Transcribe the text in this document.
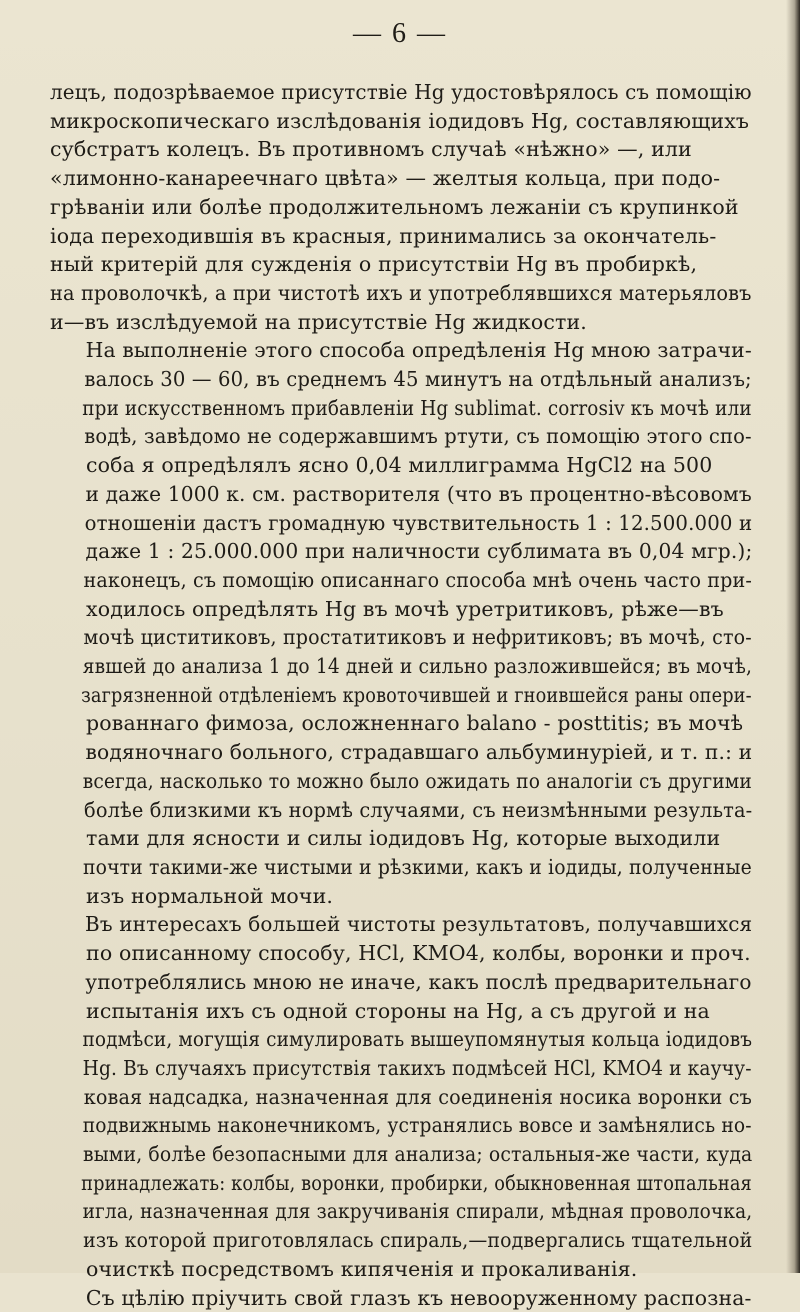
— 6 —

лецъ, подозрѣваемое присутствіе Hg удостовѣрялось съ помощію
микроскопическаго изслѣдованія іодидовъ Hg, составляющихъ
субстратъ колецъ. Въ противномъ случаѣ «нѣжно» —, или
«лимонно-канареечнаго цвѣта» — желтыя кольца, при подо-
грѣваніи или болѣе продолжительномъ лежаніи съ крупинкой
іода переходившія въ красныя, принимались за окончатель-
ный критерій для сужденія о присутствіи Hg въ пробиркѣ,
на проволочкѣ, а при чистотѣ ихъ и употреблявшихся матерьяловъ
и—въ изслѣдуемой на присутствіе Hg жидкости.

На выполненіе этого способа опредѣленія Hg мною затрачи-
валось 30 — 60, въ среднемъ 45 минутъ на отдѣльный анализъ;
при искусственномъ прибавленіи Hg sublimat. corrosiv къ мочѣ или
водѣ, завѣдомо не содержавшимъ ртути, съ помощію этого спо-
соба я опредѣлялъ ясно 0,04 миллиграмма HgCl2 на 500
и даже 1000 к. см. растворителя (что въ процентно-вѣсовомъ
отношеніи дастъ громадную чувствительность 1 : 12.500.000 и
даже 1 : 25.000.000 при наличности сублимата въ 0,04 мгр.);
наконецъ, съ помощію описаннаго способа мнѣ очень часто при-
ходилось опредѣлять Hg въ мочѣ уретритиковъ, рѣже—въ
мочѣ циститиковъ, простатитиковъ и нефритиковъ; въ мочѣ, сто-
явшей до анализа 1 до 14 дней и сильно разложившейся; въ мочѣ,
загрязненной отдѣленіемъ кровоточившей и гноившейся раны опери-
рованнаго фимоза, осложненнаго balano - posttitis; въ мочѣ
водяночнаго больного, страдавшаго альбуминуріей, и т. п.: и
всегда, насколько то можно было ожидать по аналогіи съ другими
болѣе близкими къ нормѣ случаями, съ неизмѣнными результа-
тами для ясности и силы іодидовъ Hg, которые выходили
почти такими-же чистыми и рѣзкими, какъ и іодиды, полученные
изъ нормальной мочи.

Въ интересахъ большей чистоты результатовъ, получавшихся
по описанному способу, HCl, KMO4, колбы, воронки и проч.
употреблялись мною не иначе, какъ послѣ предварительнаго
испытанія ихъ съ одной стороны на Hg, а съ другой и на
подмѣси, могущія симулировать вышеупомянутыя кольца іодидовъ
Hg. Въ случаяхъ присутствія такихъ подмѣсей HCl, KMO4 и каучу-
ковая надсадка, назначенная для соединенія носика воронки съ
подвижнымь наконечникомъ, устранялись вовсе и замѣнялись но-
выми, болѣе безопасными для анализа; остальныя-же части, куда
принадлежать: колбы, воронки, пробирки, обыкновенная штопальная
игла, назначенная для закручиванія спирали, мѣдная проволочка,
изъ которой приготовлялась спираль,—подвергались тщательной
очисткѣ посредствомъ кипяченія и прокаливанія.

Съ цѣлію пріучить свой глазъ къ невооруженному распозна-
